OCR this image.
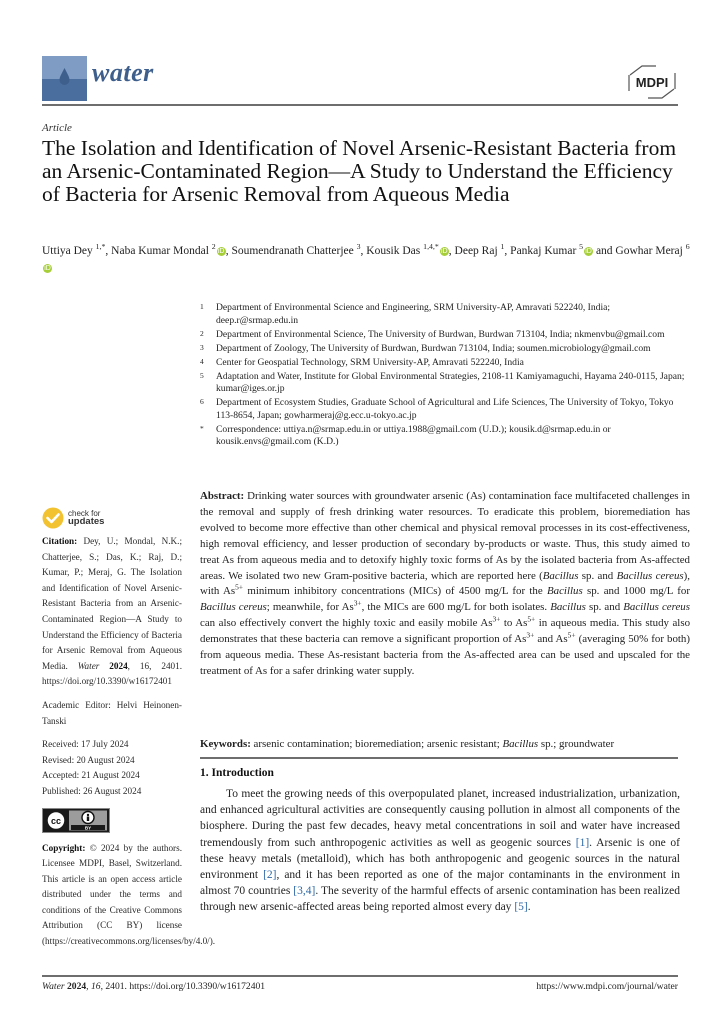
water	MDPI
Article
The Isolation and Identification of Novel Arsenic-Resistant Bacteria from an Arsenic-Contaminated Region—A Study to Understand the Efficiency of Bacteria for Arsenic Removal from Aqueous Media
Uttiya Dey $^{1,*}$, Naba Kumar Mondal $^2$iD, Soumendranath Chatterjee $^3$, Kousik Das $^{1,4,*}$iD, Deep Raj $^1$, Pankaj Kumar $^5$iD and Gowhar Meraj $^6$iD
1 Department of Environmental Science and Engineering, SRM University-AP, Amravati 522240, India; deep.r@srmap.edu.in
2 Department of Environmental Science, The University of Burdwan, Burdwan 713104, India; nkmenvbu@gmail.com
3 Department of Zoology, The University of Burdwan, Burdwan 713104, India; soumen.microbiology@gmail.com
4 Center for Geospatial Technology, SRM University-AP, Amravati 522240, India
5 Adaptation and Water, Institute for Global Environmental Strategies, 2108-11 Kamiyamaguchi, Hayama 240-0115, Japan; kumar@iges.or.jp
6 Department of Ecosystem Studies, Graduate School of Agricultural and Life Sciences, The University of Tokyo, Tokyo 113-8654, Japan; gowharmeraj@g.ecc.u-tokyo.ac.jp
* Correspondence: uttiya.n@srmap.edu.in or uttiya.1988@gmail.com (U.D.); kousik.d@srmap.edu.in or kousik.envs@gmail.com (K.D.)
check for
updates
Citation: Dey, U.; Mondal, N.K.; Chatterjee, S.; Das, K.; Raj, D.; Kumar, P.; Meraj, G. The Isolation and Identification of Novel Arsenic-Resistant Bacteria from an Arsenic-Contaminated Region—A Study to Understand the Efficiency of Bacteria for Arsenic Removal from Aqueous Media. Water 2024, 16, 2401. https://doi.org/10.3390/w16172401
Academic Editor: Helvi Heinonen-Tanski
Received: 17 July 2024
Revised: 20 August 2024
Accepted: 21 August 2024
Published: 26 August 2024
cc
BY
Copyright: © 2024 by the authors. Licensee MDPI, Basel, Switzerland. This article is an open access article distributed under the terms and conditions of the Creative Commons Attribution (CC BY) license (https://creativecommons.org/licenses/by/4.0/).
Abstract: Drinking water sources with groundwater arsenic (As) contamination face multifaceted challenges in the removal and supply of fresh drinking water resources. To eradicate this problem, bioremediation has evolved to become more effective than other chemical and physical removal processes in its cost-effectiveness, high removal efficiency, and lesser production of secondary by-products or waste. Thus, this study aimed to treat As from aqueous media and to detoxify highly toxic forms of As by the isolated bacteria from As-affected areas. We isolated two new Gram-positive bacteria, which are reported here (Bacillus sp. and Bacillus cereus), with $As^{5+}$ minimum inhibitory concentrations (MICs) of 4500 mg/L for the Bacillus sp. and 1000 mg/L for Bacillus cereus; meanwhile, for $As^{3+}$, the MICs are 600 mg/L for both isolates. Bacillus sp. and Bacillus cereus can also effectively convert the highly toxic and easily mobile $As^{3+}$ to $As^{5+}$ in aqueous media. This study also demonstrates that these bacteria can remove a significant proportion of $As^{3+}$ and $As^{5+}$ (averaging 50% for both) from aqueous media. These As-resistant bacteria from the As-affected area can be used and upscaled for the treatment of As for a safer drinking water supply.
Keywords: arsenic contamination; bioremediation; arsenic resistant; Bacillus sp.; groundwater
1. Introduction
To meet the growing needs of this overpopulated planet, increased industrialization, urbanization, and enhanced agricultural activities are consequently causing pollution in almost all components of the biosphere. During the past few decades, heavy metal concentrations in soil and water have increased tremendously from such anthropogenic activities as well as geogenic sources [1]. Arsenic is one of these heavy metals (metalloid), which has both anthropogenic and geogenic sources in the natural environment [2], and it has been reported as one of the major contaminants in the environment in almost 70 countries [3,4]. The severity of the harmful effects of arsenic contamination has been realized through new arsenic-affected areas being reported almost every day [5].
Water 2024, 16, 2401. https://doi.org/10.3390/w16172401	https://www.mdpi.com/journal/water
